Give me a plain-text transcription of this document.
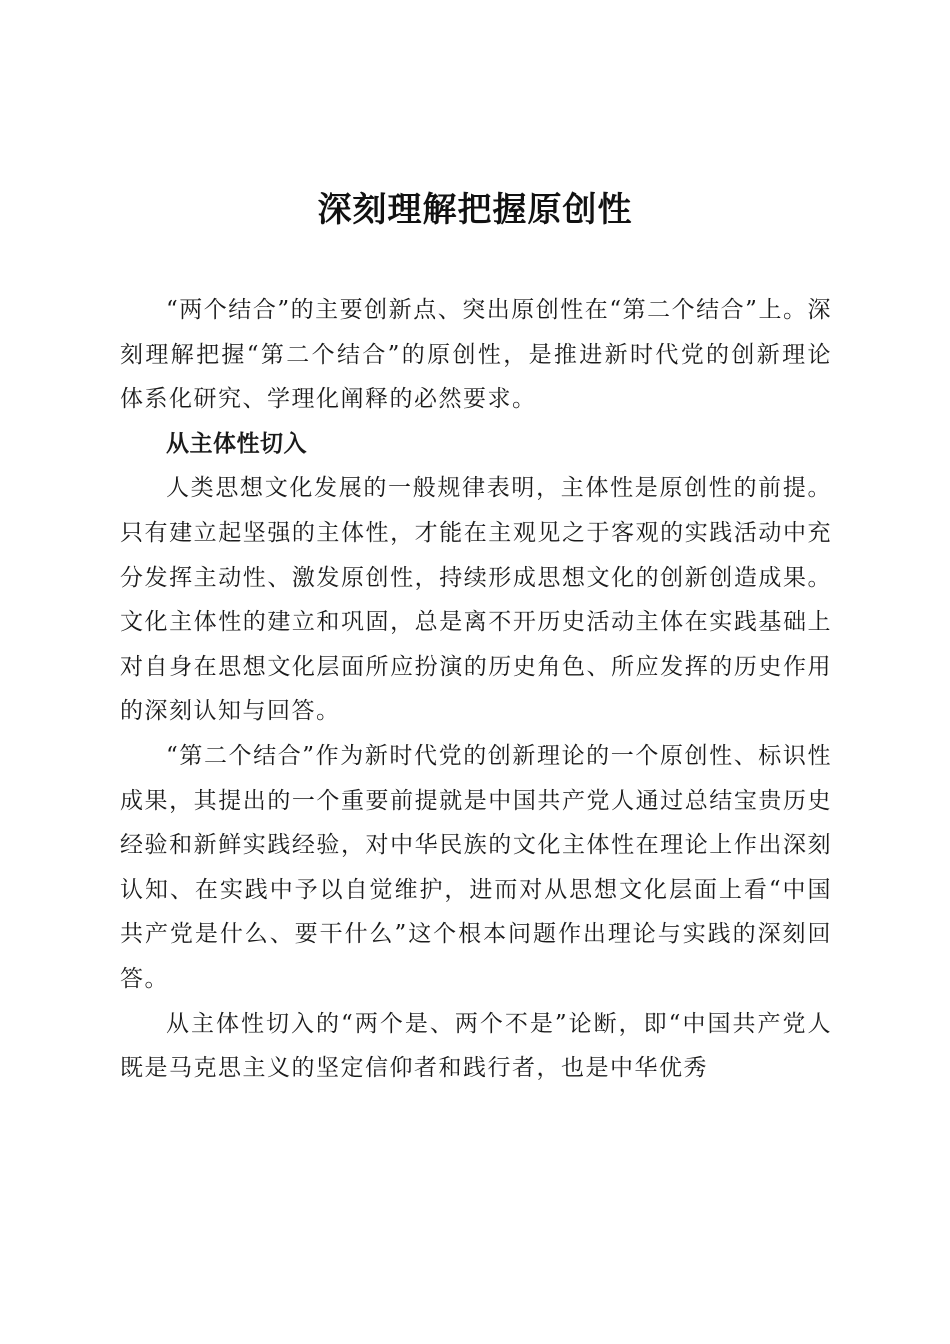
深刻理解把握原创性

“两个结合”的主要创新点、突出原创性在“第二个结合”上。深刻理解把握“第二个结合”的原创性，是推进新时代党的创新理论体系化研究、学理化阐释的必然要求。

从主体性切入

人类思想文化发展的一般规律表明，主体性是原创性的前提。只有建立起坚强的主体性，才能在主观见之于客观的实践活动中充分发挥主动性、激发原创性，持续形成思想文化的创新创造成果。文化主体性的建立和巩固，总是离不开历史活动主体在实践基础上对自身在思想文化层面所应扮演的历史角色、所应发挥的历史作用的深刻认知与回答。

“第二个结合”作为新时代党的创新理论的一个原创性、标识性成果，其提出的一个重要前提就是中国共产党人通过总结宝贵历史经验和新鲜实践经验，对中华民族的文化主体性在理论上作出深刻认知、在实践中予以自觉维护，进而对从思想文化层面上看“中国共产党是什么、要干什么”这个根本问题作出理论与实践的深刻回答。

从主体性切入的“两个是、两个不是”论断，即“中国共产党人既是马克思主义的坚定信仰者和践行者，也是中华优秀
